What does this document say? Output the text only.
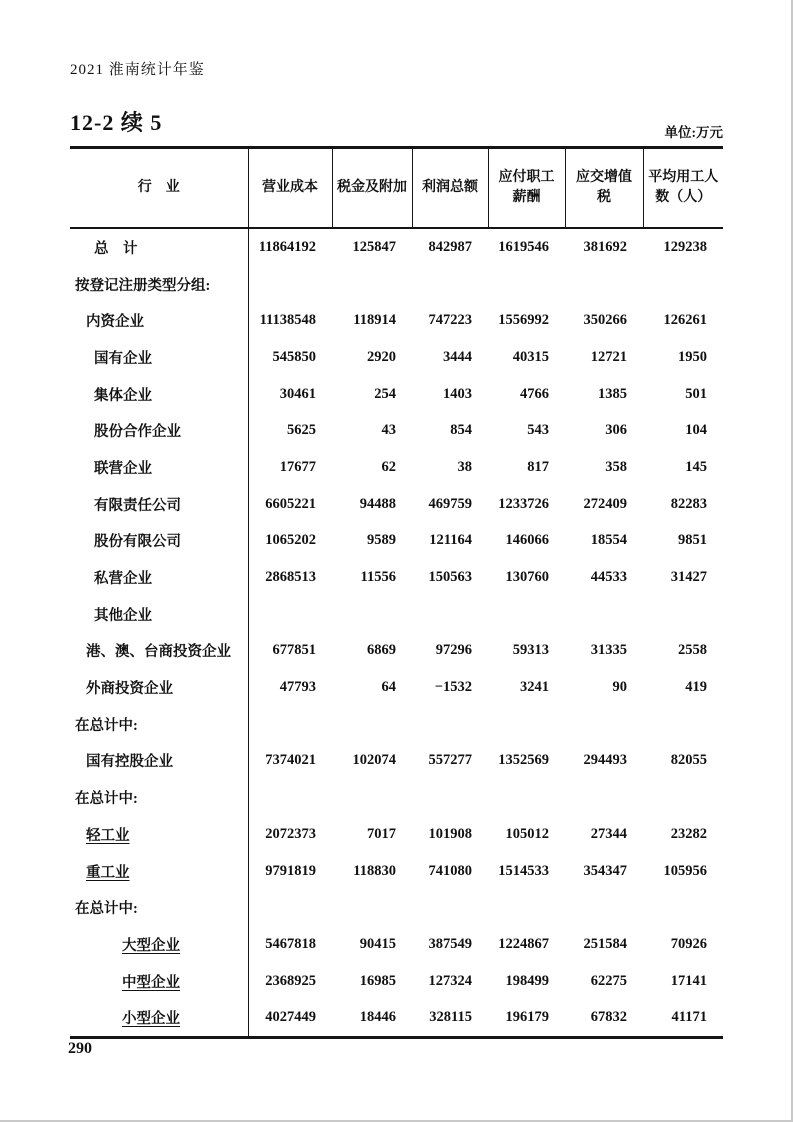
2021 淮南统计年鉴
12-2 续 5	单位:万元
行　业	营业成本	税金及附加	利润总额	应付职工薪酬	应交增值税	平均用工人数（人）
总　计	11864192	125847	842987	1619546	381692	129238
按登记注册类型分组:						
内资企业	11138548	118914	747223	1556992	350266	126261
国有企业	545850	2920	3444	40315	12721	1950
集体企业	30461	254	1403	4766	1385	501
股份合作企业	5625	43	854	543	306	104
联营企业	17677	62	38	817	358	145
有限责任公司	6605221	94488	469759	1233726	272409	82283
股份有限公司	1065202	9589	121164	146066	18554	9851
私营企业	2868513	11556	150563	130760	44533	31427
其他企业						
港、澳、台商投资企业	677851	6869	97296	59313	31335	2558
外商投资企业	47793	64	−1532	3241	90	419
在总计中:						
国有控股企业	7374021	102074	557277	1352569	294493	82055
在总计中:						
轻工业	2072373	7017	101908	105012	27344	23282
重工业	9791819	118830	741080	1514533	354347	105956
在总计中:						
大型企业	5467818	90415	387549	1224867	251584	70926
中型企业	2368925	16985	127324	198499	62275	17141
小型企业	4027449	18446	328115	196179	67832	41171
290
